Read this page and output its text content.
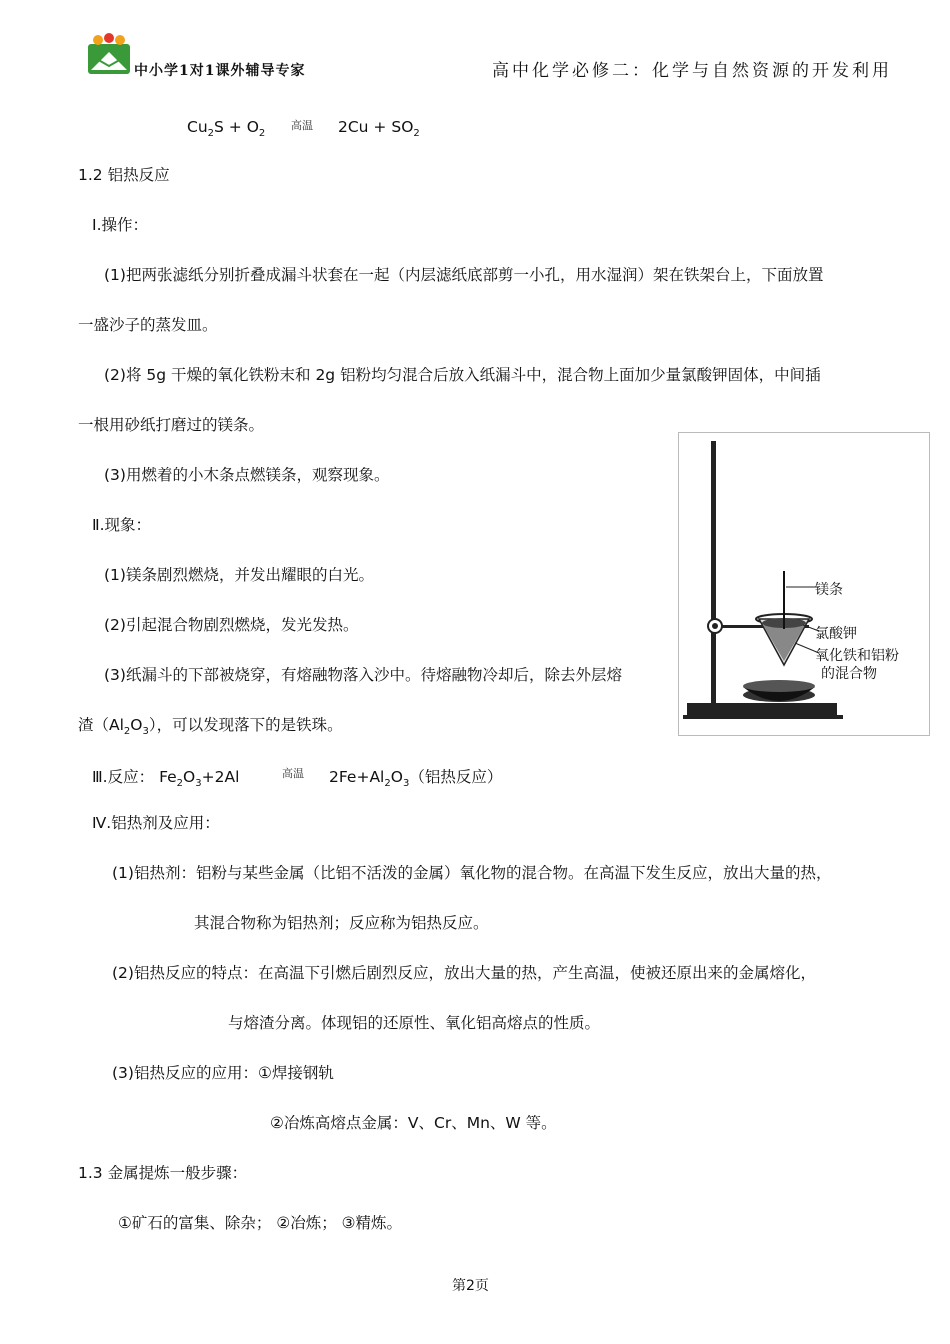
中小学1对1课外辅导专家	高中化学必修二：化学与自然资源的开发利用
$Cu_2S + O_2$
高温 $2Cu + SO_2$
1.2 铝热反应
Ⅰ.操作：
(1)把两张滤纸分别折叠成漏斗状套在一起（内层滤纸底部剪一小孔，用水湿润）架在铁架台上，下面放置
一盛沙子的蒸发皿。
(2)将 5g 干燥的氧化铁粉末和 2g 铝粉均匀混合后放入纸漏斗中，混合物上面加少量氯酸钾固体，中间插
一根用砂纸打磨过的镁条。
(3)用燃着的小木条点燃镁条，观察现象。
Ⅱ.现象：
(1)镁条剧烈燃烧，并发出耀眼的白光。
(2)引起混合物剧烈燃烧，发光发热。
(3)纸漏斗的下部被烧穿，有熔融物落入沙中。待熔融物冷却后，除去外层熔
渣$(Al_2O_3)$，可以发现落下的是铁珠。
Ⅲ.反应： $Fe_2O_3+2Al$	高温 $2Fe+Al_2O_3$（铝热反应）
Ⅳ.铝热剂及应用：
(1)铝热剂：铝粉与某些金属（比铝不活泼的金属）氧化物的混合物。在高温下发生反应，放出大量的热，
其混合物称为铝热剂；反应称为铝热反应。
(2)铝热反应的特点：在高温下引燃后剧烈反应，放出大量的热，产生高温，使被还原出来的金属熔化，
与熔渣分离。体现铝的还原性、氧化铝高熔点的性质。
(3)铝热反应的应用：①焊接钢轨
②冶炼高熔点金属：V、Cr、Mn、W 等。
1.3 金属提炼一般步骤：
①矿石的富集、除杂； ②冶炼； ③精炼。
镁条
氯酸钾
氧化铁和铝粉
的混合物
第2页
